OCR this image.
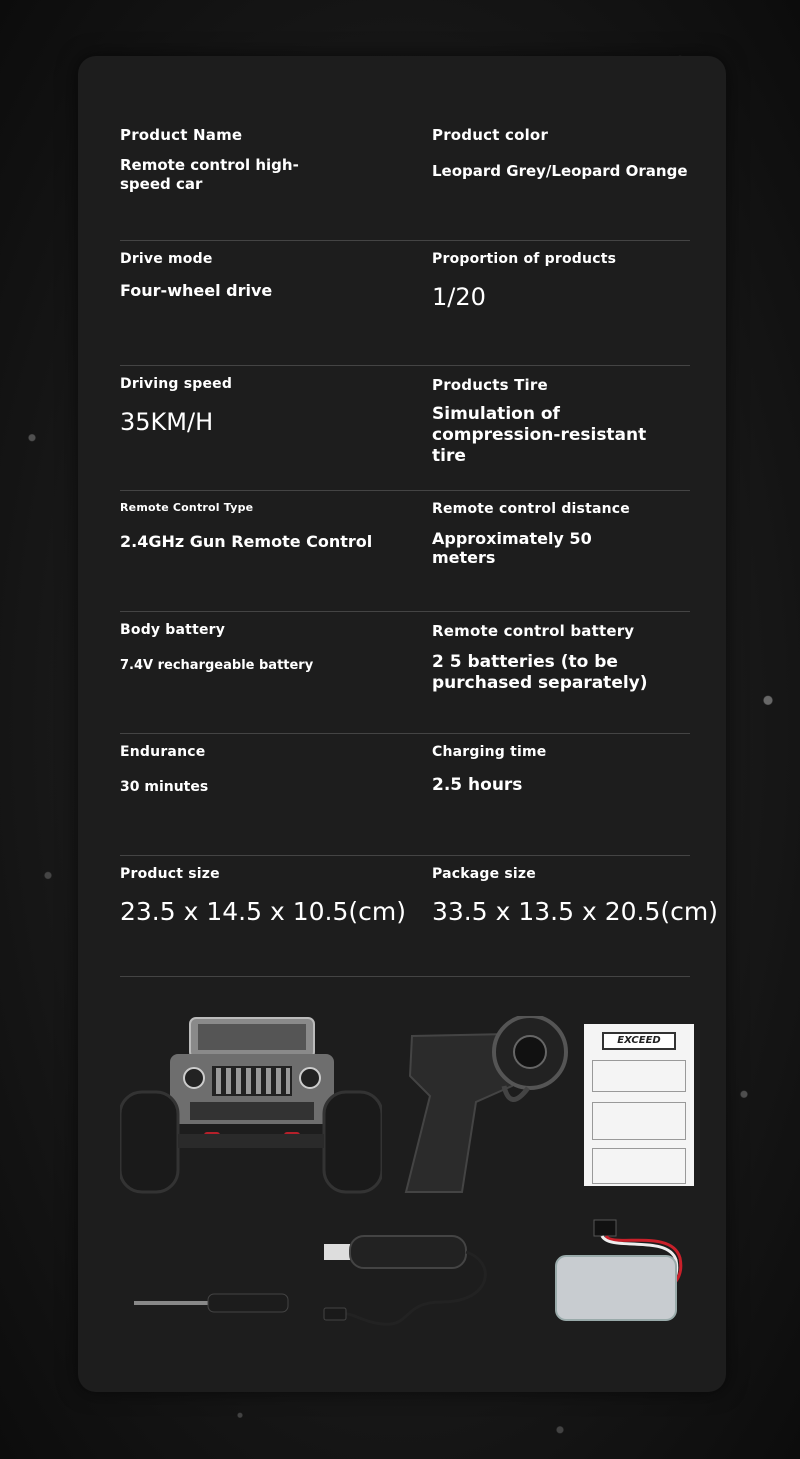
Product Name
Remote control high-speed car
Product color
Leopard Grey/Leopard Orange
Drive mode
Four-wheel drive
Proportion of products
1/20
Driving speed
35KM/H
Products Tire
Simulation of compression-resistant tire
Remote Control Type
2.4GHz Gun Remote Control
Remote control distance
Approximately 50 meters
Body battery
7.4V rechargeable battery
Remote control battery
2 5 batteries (to be purchased separately)
Endurance
30 minutes
Charging time
2.5 hours
Product size
23.5 x 14.5 x 10.5(cm)
Package size
33.5 x 13.5 x 20.5(cm)
EXCEED
